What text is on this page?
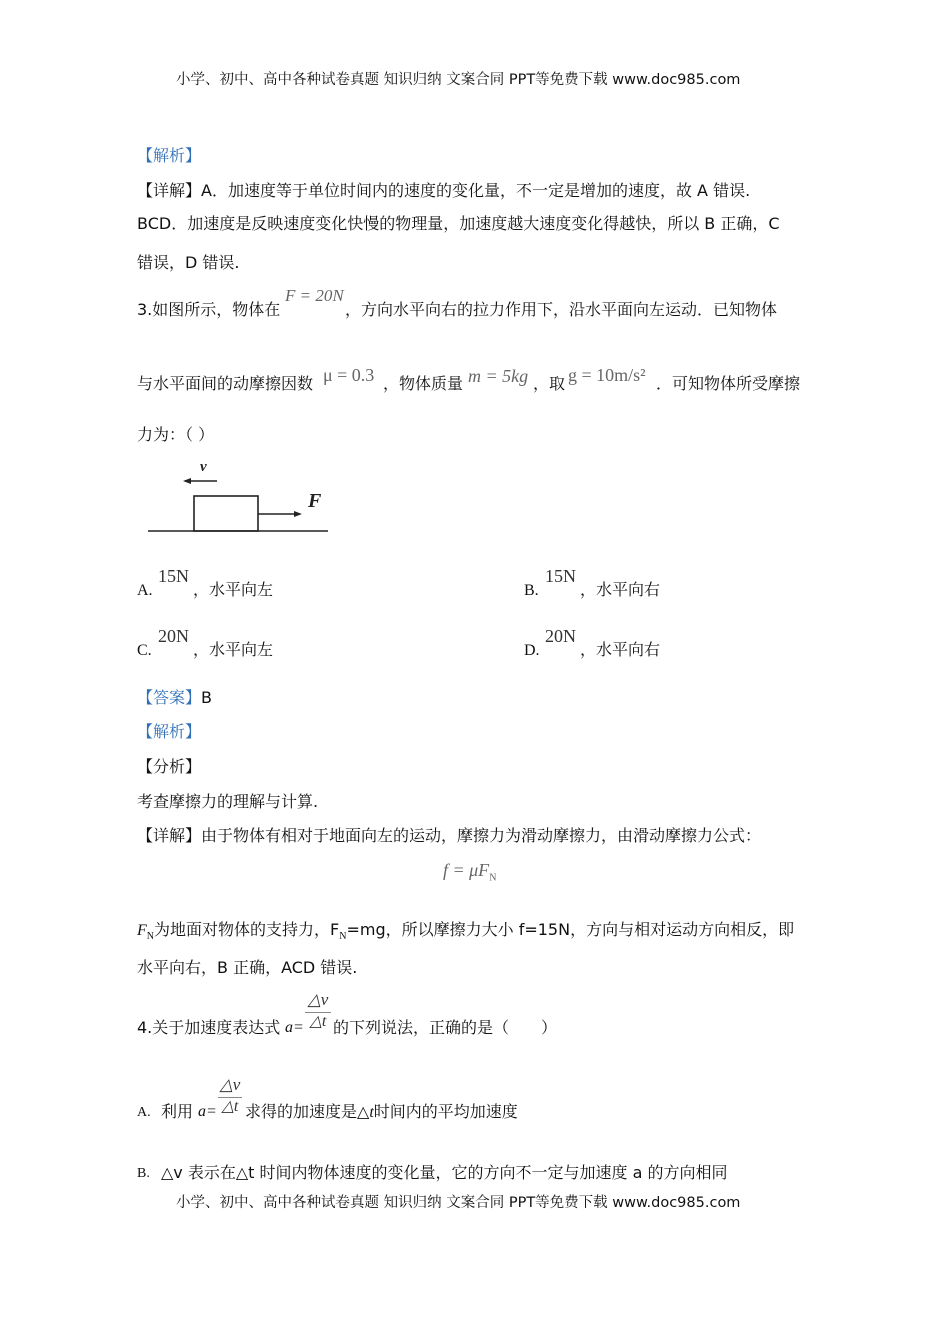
小学、初中、高中各种试卷真题 知识归纳 文案合同 PPT等免费下载 www.doc985.com
【解析】
【详解】A．加速度等于单位时间内的速度的变化量，不一定是增加的速度，故 A 错误.
BCD．加速度是反映速度变化快慢的物理量，加速度越大速度变化得越快，所以 B 正确，C
错误，D 错误.
3.如图所示，物体在
F = 20N
，方向水平向右的拉力作用下，沿水平面向左运动．已知物体
与水平面间的动摩擦因数 μ = 0.3 ，物体质量 m = 5kg ，取 g = 10m/s² ．可知物体所受摩擦
力为：（ ）
v
F
A.
15N
，水平向左	B.
15N
，水平向右
C.
20N
，水平向左	D.
20N
，水平向右
【答案】B
【解析】
【分析】
考查摩擦力的理解与计算.
【详解】由于物体有相对于地面向左的运动，摩擦力为滑动摩擦力，由滑动摩擦力公式：
$f = \mu F_N$
$F_N$为地面对物体的支持力，$F_N=mg$，所以摩擦力大小 f=15N，方向与相对运动方向相反，即
水平向右，B 正确，ACD 错误.
4.关于加速度表达式 a=
△v
△t 的下列说法，正确的是（　　）
A. 利用 a=
△v
△t 求得的加速度是△t时间内的平均加速度
B. △v 表示在△t 时间内物体速度的变化量，它的方向不一定与加速度 a 的方向相同
小学、初中、高中各种试卷真题 知识归纳 文案合同 PPT等免费下载 www.doc985.com
